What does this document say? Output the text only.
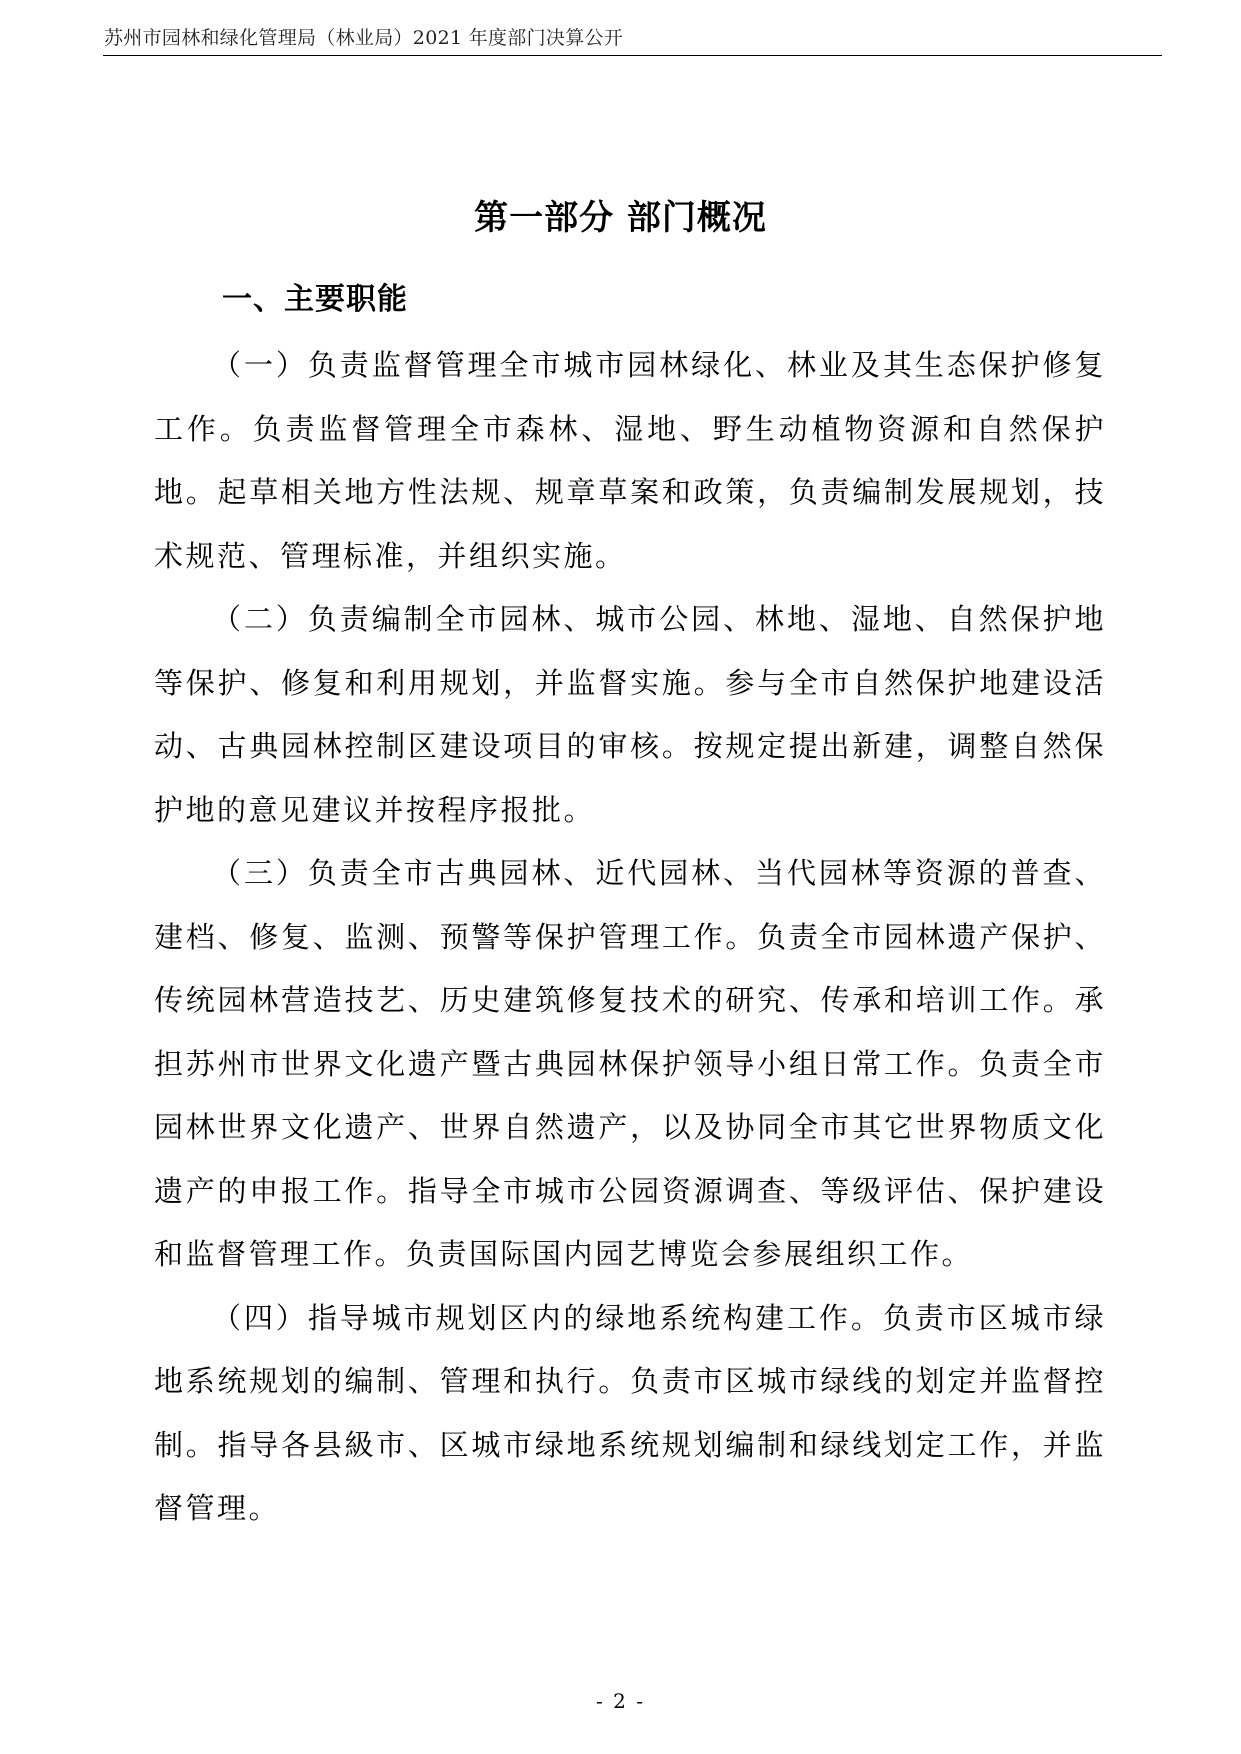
苏州市园林和绿化管理局（林业局）2021 年度部门决算公开
第一部分 部门概况
一、主要职能

（一）负责监督管理全市城市园林绿化、林业及其生态保护修复工作。负责监督管理全市森林、湿地、野生动植物资源和自然保护地。起草相关地方性法规、规章草案和政策，负责编制发展规划，技术规范、管理标准，并组织实施。

（二）负责编制全市园林、城市公园、林地、湿地、自然保护地等保护、修复和利用规划，并监督实施。参与全市自然保护地建设活动、古典园林控制区建设项目的审核。按规定提出新建，调整自然保护地的意见建议并按程序报批。

（三）负责全市古典园林、近代园林、当代园林等资源的普查、建档、修复、监测、预警等保护管理工作。负责全市园林遗产保护、传统园林营造技艺、历史建筑修复技术的研究、传承和培训工作。承担苏州市世界文化遗产暨古典园林保护领导小组日常工作。负责全市园林世界文化遗产、世界自然遗产，以及协同全市其它世界物质文化遗产的申报工作。指导全市城市公园资源调查、等级评估、保护建设和监督管理工作。负责国际国内园艺博览会参展组织工作。

（四）指导城市规划区内的绿地系统构建工作。负责市区城市绿地系统规划的编制、管理和执行。负责市区城市绿线的划定并监督控制。指导各县級市、区城市绿地系统规划编制和绿线划定工作，并监督管理。

- 2 -
